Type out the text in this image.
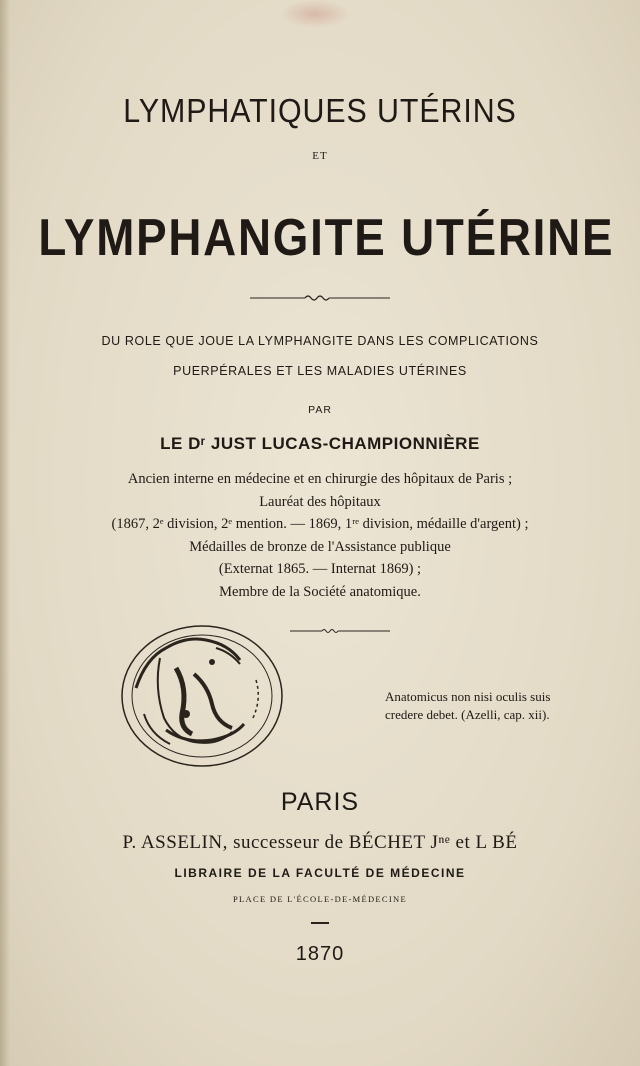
LYMPHATIQUES UTÉRINS
ET
LYMPHANGITE UTÉRINE
DU ROLE QUE JOUE LA LYMPHANGITE DANS LES COMPLICATIONS
PUERPÉRALES ET LES MALADIES UTÉRINES
PAR
LE Dʳ JUST LUCAS-CHAMPIONNIÈRE
Ancien interne en médecine et en chirurgie des hôpitaux de Paris ;
Lauréat des hôpitaux
(1867, 2ᵉ division, 2ᵉ mention. — 1869, 1ʳᵉ division, médaille d'argent) ;
Médailles de bronze de l'Assistance publique
(Externat 1865. — Internat 1869) ;
Membre de la Société anatomique.
Anatomicus non nisi oculis suis
credere debet. (Azelli, cap. xii).
PARIS
P. ASSELIN, successeur de BÉCHET Jⁿᵉ et L BÉ
LIBRAIRE DE LA FACULTÉ DE MÉDECINE
PLACE DE L'ÉCOLE-DE-MÉDECINE
1870
